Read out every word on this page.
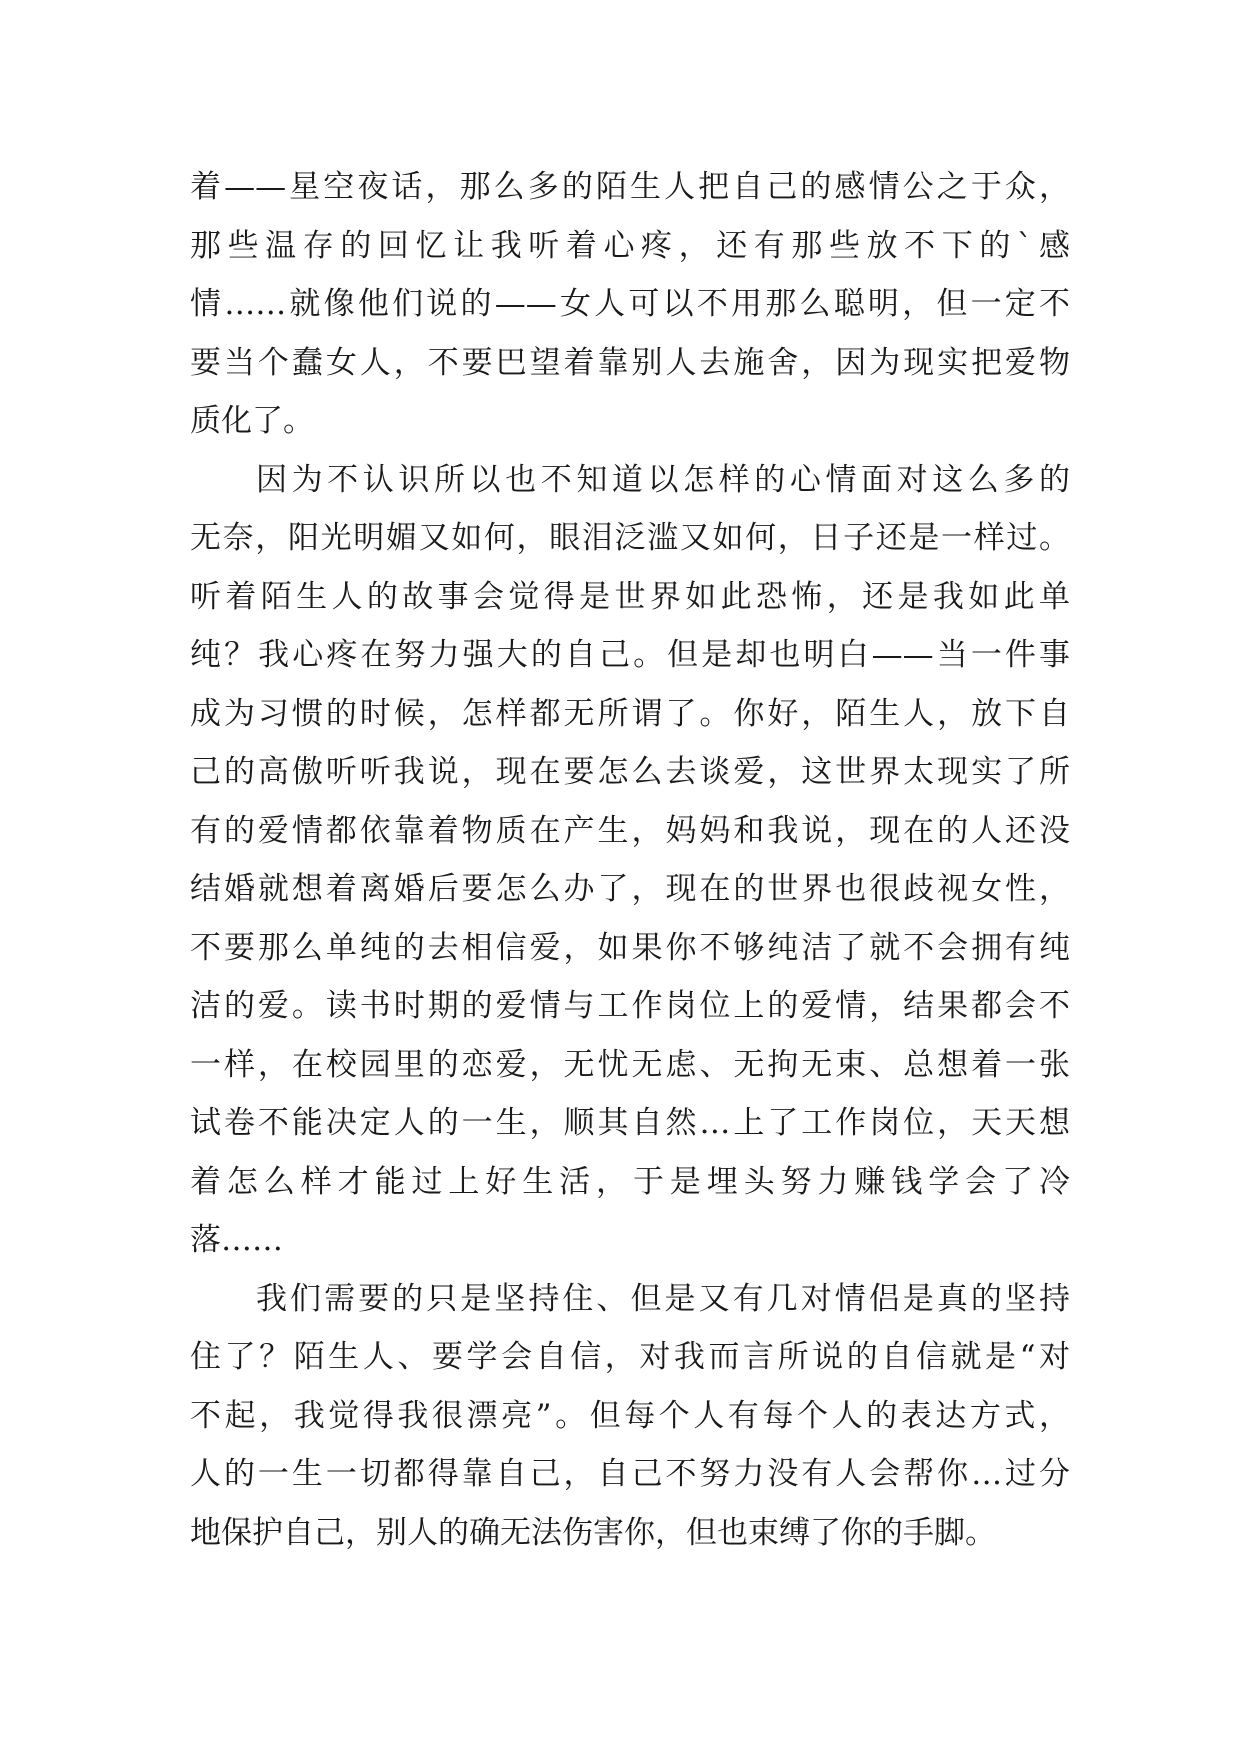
着——星空夜话，那么多的陌生人把自己的感情公之于众，
那些温存的回忆让我听着心疼，还有那些放不下的`感
情……就像他们说的——女人可以不用那么聪明，但一定不
要当个蠢女人，不要巴望着靠别人去施舍，因为现实把爱物
质化了。
因为不认识所以也不知道以怎样的心情面对这么多的
无奈，阳光明媚又如何，眼泪泛滥又如何，日子还是一样过。
听着陌生人的故事会觉得是世界如此恐怖，还是我如此单
纯？我心疼在努力强大的自己。但是却也明白——当一件事
成为习惯的时候，怎样都无所谓了。你好，陌生人，放下自
己的高傲听听我说，现在要怎么去谈爱，这世界太现实了所
有的爱情都依靠着物质在产生，妈妈和我说，现在的人还没
结婚就想着离婚后要怎么办了，现在的世界也很歧视女性，
不要那么单纯的去相信爱，如果你不够纯洁了就不会拥有纯
洁的爱。读书时期的爱情与工作岗位上的爱情，结果都会不
一样，在校园里的恋爱，无忧无虑、无拘无束、总想着一张
试卷不能决定人的一生，顺其自然…上了工作岗位，天天想
着怎么样才能过上好生活，于是埋头努力赚钱学会了冷
落……
我们需要的只是坚持住、但是又有几对情侣是真的坚持
住了？陌生人、要学会自信，对我而言所说的自信就是“对
不起，我觉得我很漂亮”。但每个人有每个人的表达方式，
人的一生一切都得靠自己，自己不努力没有人会帮你…过分
地保护自己，别人的确无法伤害你，但也束缚了你的手脚。
